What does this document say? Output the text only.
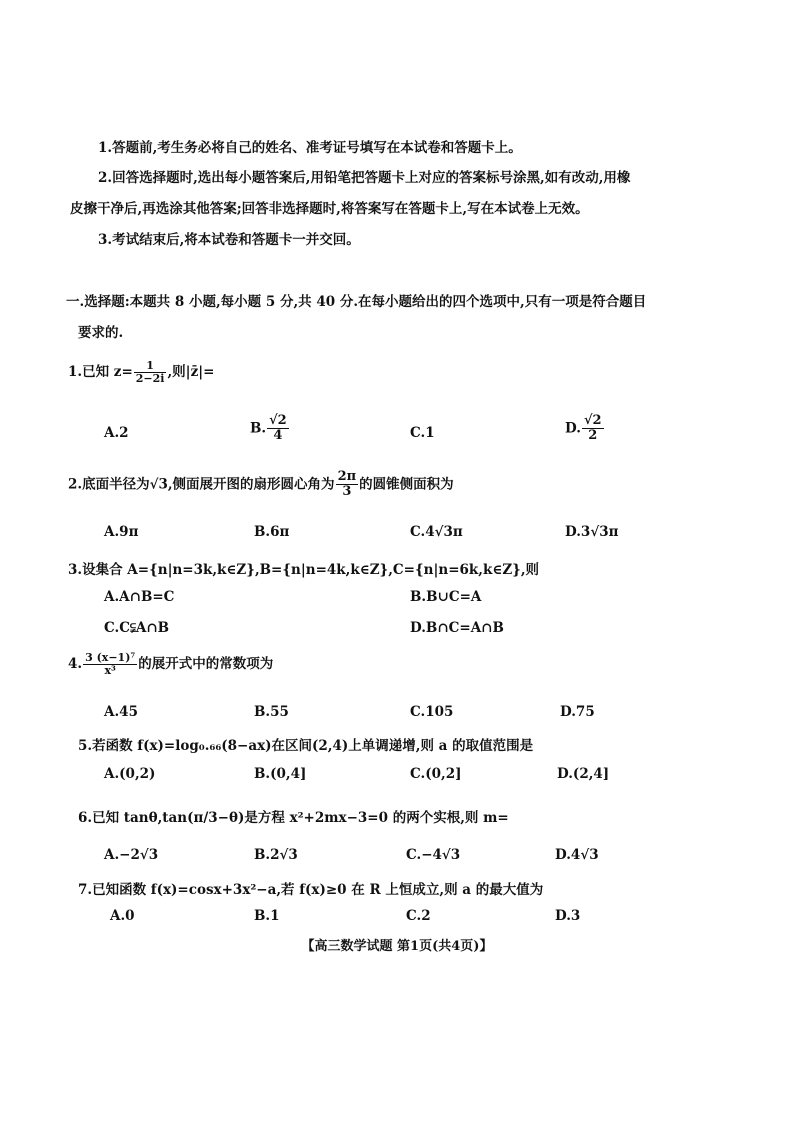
1.答题前,考生务必将自己的姓名、准考证号填写在本试卷和答题卡上。
2.回答选择题时,选出每小题答案后,用铅笔把答题卡上对应的答案标号涂黑,如有改动,用橡
皮擦干净后,再选涂其他答案;回答非选择题时,将答案写在答题卡上,写在本试卷上无效。
3.考试结束后,将本试卷和答题卡一并交回。
一.选择题:本题共 8 小题,每小题 5 分,共 40 分.在每小题给出的四个选项中,只有一项是符合题目
要求的.
1.已知 $z= \frac{1}{2-2i}$ ,则|z̄|=
A.2	B. $\frac{√2}{4}$	C.1	D. $\frac{√2}{2}$
2.底面半径为√3,侧面展开图的扇形圆心角为 $\frac{2\pi}{3}$ 的圆锥侧面积为
A.9π	B.6π	C.4√3π	D.3√3π
3.设集合 A={n|n=3k,k∈Z},B={n|n=4k,k∈Z},C={n|n=6k,k∈Z},则
A.A∩B=C	B.B∪C=A
C.C⫋A∩B	D.B∩C=A∩B
4. $\frac{\text{3 (x−1)⁷}}{\text{x³}}$ 的展开式中的常数项为
A.45	B.55	C.105	D.75
5.若函数 f(x)=log₀.₆₆(8−ax)在区间(2,4)上单调递增,则 a 的取值范围是
A.(0,2)	B.(0,4]	C.(0,2]	D.(2,4]
6.已知 tanθ,tan(π/3−θ)是方程 x²+2mx−3=0 的两个实根,则 m=
A.−2√3	B.2√3	C.−4√3	D.4√3
7.已知函数 f(x)=cosx+3x²−a,若 f(x)≥0 在 R 上恒成立,则 a 的最大值为
A.0	B.1	C.2	D.3
【高三数学试题 第1页(共4页)】
